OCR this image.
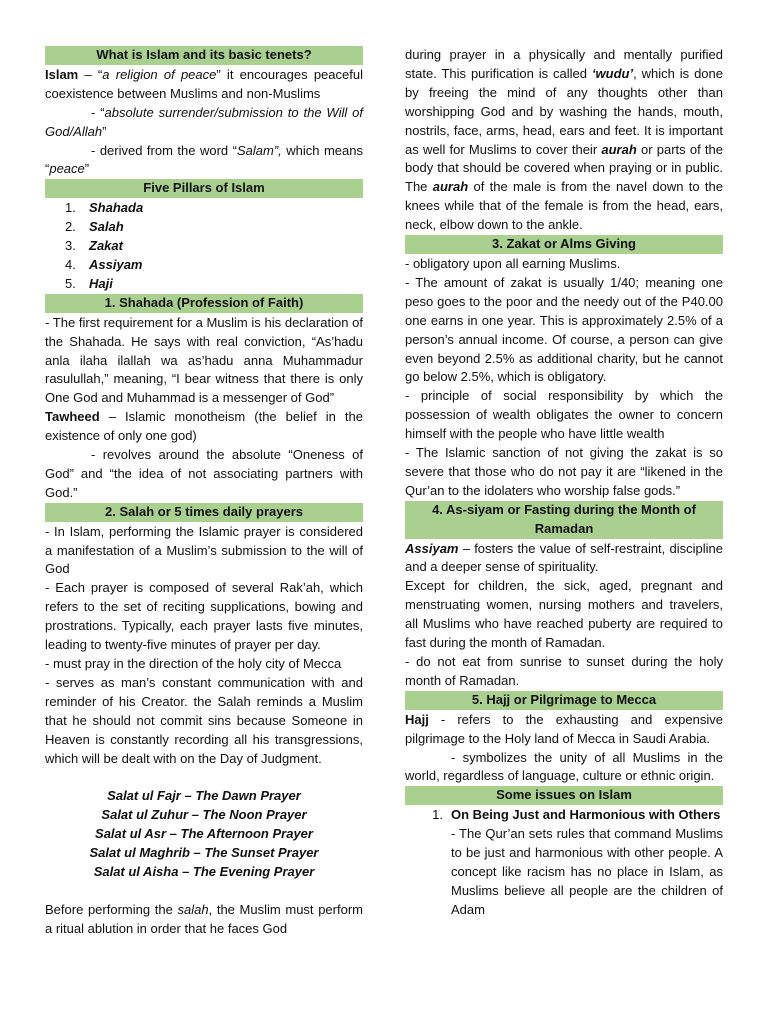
What is Islam and its basic tenets?

Islam – “a religion of peace” it encourages peaceful coexistence between Muslims and non-Muslims

- “absolute surrender/submission to the Will of God/Allah”

- derived from the word “Salam”, which means “peace”

Five Pillars of Islam
1.	Shahada
2.	Salah
3.	Zakat
4.	Assiyam
5.	Haji
1. Shahada (Profession of Faith)

- The first requirement for a Muslim is his declaration of the Shahada. He says with real conviction, “As’hadu anla ilaha ilallah wa as’hadu anna Muhammadur rasulullah,” meaning, “I bear witness that there is only One God and Muhammad is a messenger of God”

Tawheed – Islamic monotheism (the belief in the existence of only one god)

- revolves around the absolute “Oneness of God” and “the idea of not associating partners with God.”

2. Salah or 5 times daily prayers

- In Islam, performing the Islamic prayer is considered a manifestation of a Muslim’s submission to the will of God

- Each prayer is composed of several Rak’ah, which refers to the set of reciting supplications, bowing and prostrations. Typically, each prayer lasts five minutes, leading to twenty-five minutes of prayer per day.

- must pray in the direction of the holy city of Mecca

- serves as man’s constant communication with and reminder of his Creator. the Salah reminds a Muslim that he should not commit sins because Someone in Heaven is constantly recording all his transgressions, which will be dealt with on the Day of Judgment.

Salat ul Fajr – The Dawn Prayer

Salat ul Zuhur – The Noon Prayer

Salat ul Asr – The Afternoon Prayer

Salat ul Maghrib – The Sunset Prayer

Salat ul Aisha – The Evening Prayer

Before performing the salah, the Muslim must perform a ritual ablution in order that he faces God

during prayer in a physically and mentally purified state. This purification is called ‘wudu’, which is done by freeing the mind of any thoughts other than worshipping God and by washing the hands, mouth, nostrils, face, arms, head, ears and feet. It is important as well for Muslims to cover their aurah or parts of the body that should be covered when praying or in public. The aurah of the male is from the navel down to the knees while that of the female is from the head, ears, neck, elbow down to the ankle.

3. Zakat or Alms Giving

- obligatory upon all earning Muslims.

- The amount of zakat is usually 1/40; meaning one peso goes to the poor and the needy out of the P40.00 one earns in one year. This is approximately 2.5% of a person’s annual income. Of course, a person can give even beyond 2.5% as additional charity, but he cannot go below 2.5%, which is obligatory.

- principle of social responsibility by which the possession of wealth obligates the owner to concern himself with the people who have little wealth

- The Islamic sanction of not giving the zakat is so severe that those who do not pay it are “likened in the Qur’an to the idolaters who worship false gods.”

4. As-siyam or Fasting during the Month of Ramadan

Assiyam – fosters the value of self-restraint, discipline and a deeper sense of spirituality.

Except for children, the sick, aged, pregnant and menstruating women, nursing mothers and travelers, all Muslims who have reached puberty are required to fast during the month of Ramadan.

- do not eat from sunrise to sunset during the holy month of Ramadan.

5. Hajj or Pilgrimage to Mecca

Hajj - refers to the exhausting and expensive pilgrimage to the Holy land of Mecca in Saudi Arabia.

- symbolizes the unity of all Muslims in the world, regardless of language, culture or ethnic origin.

Some issues on Islam
1. On Being Just and Harmonious with Others

- The Qur’an sets rules that command Muslims to be just and harmonious with other people. A concept like racism has no place in Islam, as Muslims believe all people are the children of Adam
